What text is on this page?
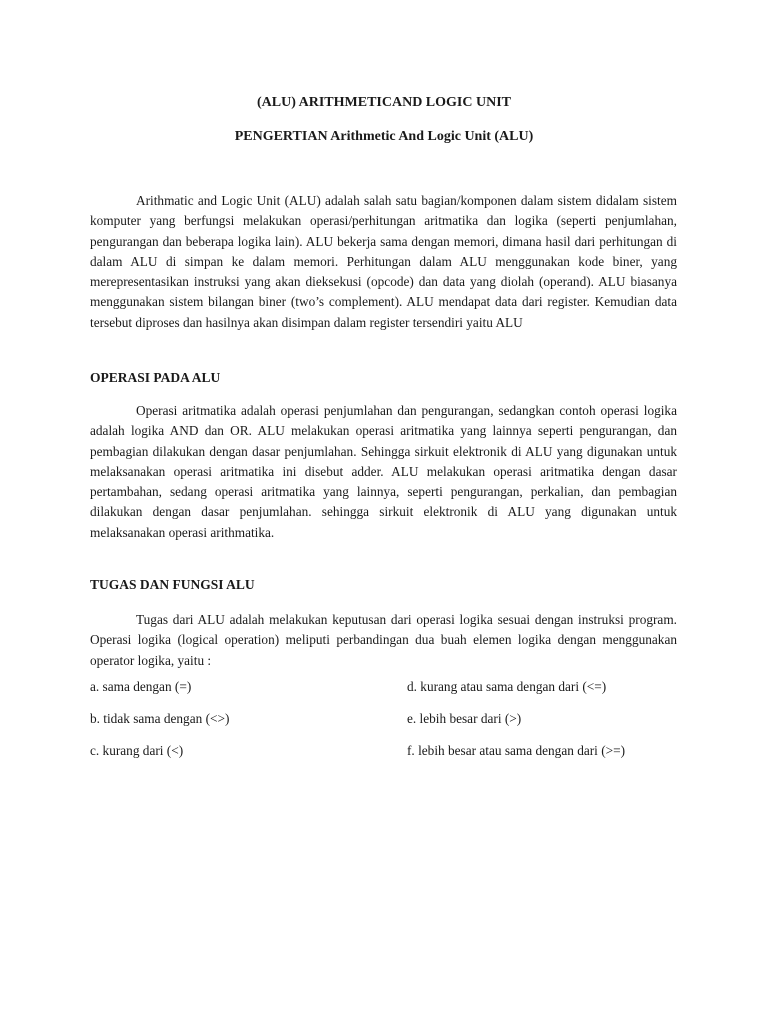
(ALU) ARITHMETICAND LOGIC UNIT
PENGERTIAN Arithmetic And Logic Unit (ALU)

Arithmatic and Logic Unit (ALU) adalah salah satu bagian/komponen dalam sistem didalam sistem komputer yang berfungsi melakukan operasi/perhitungan aritmatika dan logika (seperti penjumlahan, pengurangan dan beberapa logika lain). ALU bekerja sama dengan memori, dimana hasil dari perhitungan di dalam ALU di simpan ke dalam memori. Perhitungan dalam ALU menggunakan kode biner, yang merepresentasikan instruksi yang akan dieksekusi (opcode) dan data yang diolah (operand). ALU biasanya menggunakan sistem bilangan biner (two’s complement). ALU mendapat data dari register. Kemudian data tersebut diproses dan hasilnya akan disimpan dalam register tersendiri yaitu ALU

OPERASI PADA ALU

Operasi aritmatika adalah operasi penjumlahan dan pengurangan, sedangkan contoh operasi logika adalah logika AND dan OR. ALU melakukan operasi aritmatika yang lainnya seperti pengurangan, dan pembagian dilakukan dengan dasar penjumlahan. Sehingga sirkuit elektronik di ALU yang digunakan untuk melaksanakan operasi aritmatika ini disebut adder. ALU melakukan operasi aritmatika dengan dasar pertambahan, sedang operasi aritmatika yang lainnya, seperti pengurangan, perkalian, dan pembagian dilakukan dengan dasar penjumlahan. sehingga sirkuit elektronik di ALU yang digunakan untuk melaksanakan operasi arithmatika.

TUGAS DAN FUNGSI ALU

Tugas dari ALU adalah melakukan keputusan dari operasi logika sesuai dengan instruksi program. Operasi logika (logical operation) meliputi perbandingan dua buah elemen logika dengan menggunakan operator logika, yaitu :

a. sama dengan (=)

b. tidak sama dengan (<>)

c. kurang dari (<)

d. kurang atau sama dengan dari (<=)

e. lebih besar dari (>)

f. lebih besar atau sama dengan dari (>=)
